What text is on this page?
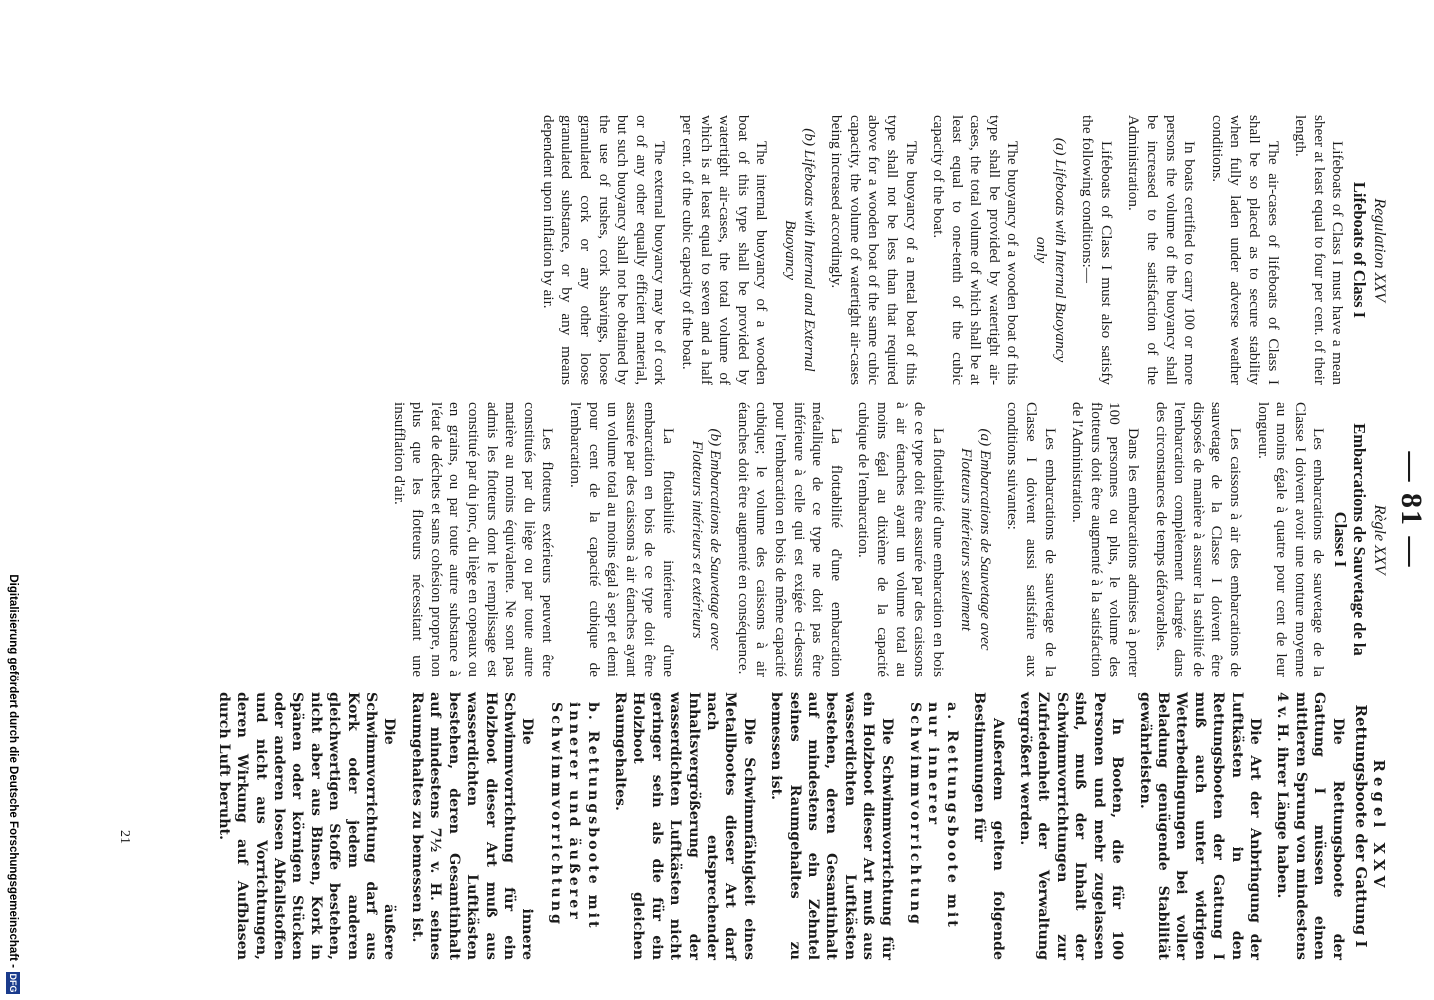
— 81 —
Regulation XXV
Lifeboats of Class I

Lifeboats of Class I must have a mean sheer at least equal to four per cent. of their length.

The air-cases of lifeboats of Class I shall be so placed as to secure stability when fully laden under adverse weather conditions.

In boats certified to carry 100 or more persons the volume of the buoyancy shall be increased to the satisfaction of the Administration.

Lifeboats of Class I must also satisfy the following conditions:—

(a) Lifeboats with Internal Buoyancy only

The buoyancy of a wooden boat of this type shall be provided by watertight air-cases, the total volume of which shall be at least equal to one-tenth of the cubic capacity of the boat.

The buoyancy of a metal boat of this type shall not be less than that required above for a wooden boat of the same cubic capacity, the volume of watertight air-cases being increased accordingly.

(b) Lifeboats with Internal and External Buoyancy

The internal buoyancy of a wooden boat of this type shall be provided by watertight air-cases, the total volume of which is at least equal to seven and a half per cent. of the cubic capacity of the boat.

The external buoyancy may be of cork or of any other equally efficient material, but such buoyancy shall not be obtained by the use of rushes, cork shavings, loose granulated cork or any other loose granulated substance, or by any means dependent upon inflation by air.

Règle XXV
Embarcations de Sauvetage de la Classe I

Les embarcations de sauvetage de la Classe I doivent avoir une tonture moyenne au moins égale à quatre pour cent de leur longueur.

Les caissons à air des embarcations de sauvetage de la Classe I doivent être disposés de manière à assurer la stabilité de l'embarcation complètement chargée dans des circonstances de temps défavorables.

Dans les embarcations admises à porter 100 personnes ou plus, le volume des flotteurs doit être augmenté à la satisfaction de l'Administration.

Les embarcations de sauvetage de la Classe I doivent aussi satisfaire aux conditions suivantes:

(a) Embarcations de Sauvetage avec Flotteurs intérieurs seulement

La flottabilité d'une embarcation en bois de ce type doit être assurée par des caissons à air étanches ayant un volume total au moins égal au dixième de la capacité cubique de l'embarcation.

La flottabilité d'une embarcation métallique de ce type ne doit pas être inférieure à celle qui est exigée ci-dessus pour l'embarcation en bois de même capacité cubique; le volume des caissons à air étanches doit être augmenté en conséquence.

(b) Embarcations de Sauvetage avec Flotteurs intérieurs et extérieurs

La flottabilité intérieure d'une embarcation en bois de ce type doit être assurée par des caissons à air étanches ayant un volume total au moins égal à sept et demi pour cent de la capacité cubique de l'embarcation.

Les flotteurs extérieurs peuvent être constitués par du liège ou par toute autre matière au moins équivalente. Ne sont pas admis les flotteurs dont le remplissage est constitué par du jonc, du liège en copeaux ou en grains, ou par toute autre substance à l'état de déchets et sans cohésion propre, non plus que les flotteurs nécessitant une insufflation d'air.

Regel XXV
Rettungsboote der Gattung I

Die Rettungsboote der Gattung I müssen einen mittleren Sprung von mindestens 4 v. H. ihrer Länge haben.

Die Art der Anbringung der Luftkästen in den Rettungsbooten der Gattung I muß auch unter widrigen Wetterbedingungen bei voller Beladung genügende Stabilität gewährleisten.

In Booten, die für 100 Personen und mehr zugelassen sind, muß der Inhalt der Schwimmvorrichtungen zur Zufriedenheit der Verwaltung vergrößert werden.

Außerdem gelten folgende Bestimmungen für

a. Rettungsboote mit nur innerer Schwimmvorrichtung

Die Schwimmvorrichtung für ein Holzboot dieser Art muß aus wasserdichten Luftkästen bestehen, deren Gesamtinhalt auf mindestens ein Zehntel seines Raumgehaltes zu bemessen ist.

Die Schwimmfähigkeit eines Metallbootes dieser Art darf nach entsprechender Inhaltsvergrößerung der wasserdichten Luftkästen nicht geringer sein als die für ein Holzboot gleichen Raumgehaltes.

b. Rettungsboote mit innerer und äußerer Schwimmvorrichtung

Die innere Schwimmvorrichtung für ein Holzboot dieser Art muß aus wasserdichten Luftkästen bestehen, deren Gesamtinhalt auf mindestens 7½ v. H. seines Raumgehaltes zu bemessen ist.

Die äußere Schwimmvorrichtung darf aus Kork oder jedem anderen gleichwertigen Stoffe bestehen, nicht aber aus Binsen, Kork in Spänen oder körnigen Stücken oder anderen losen Abfallstoffen und nicht aus Vorrichtungen, deren Wirkung auf Aufblasen durch Luft beruht.

21
Digitalisierung gefördert durch die Deutsche Forschungsgemeinschaft -
DFG
